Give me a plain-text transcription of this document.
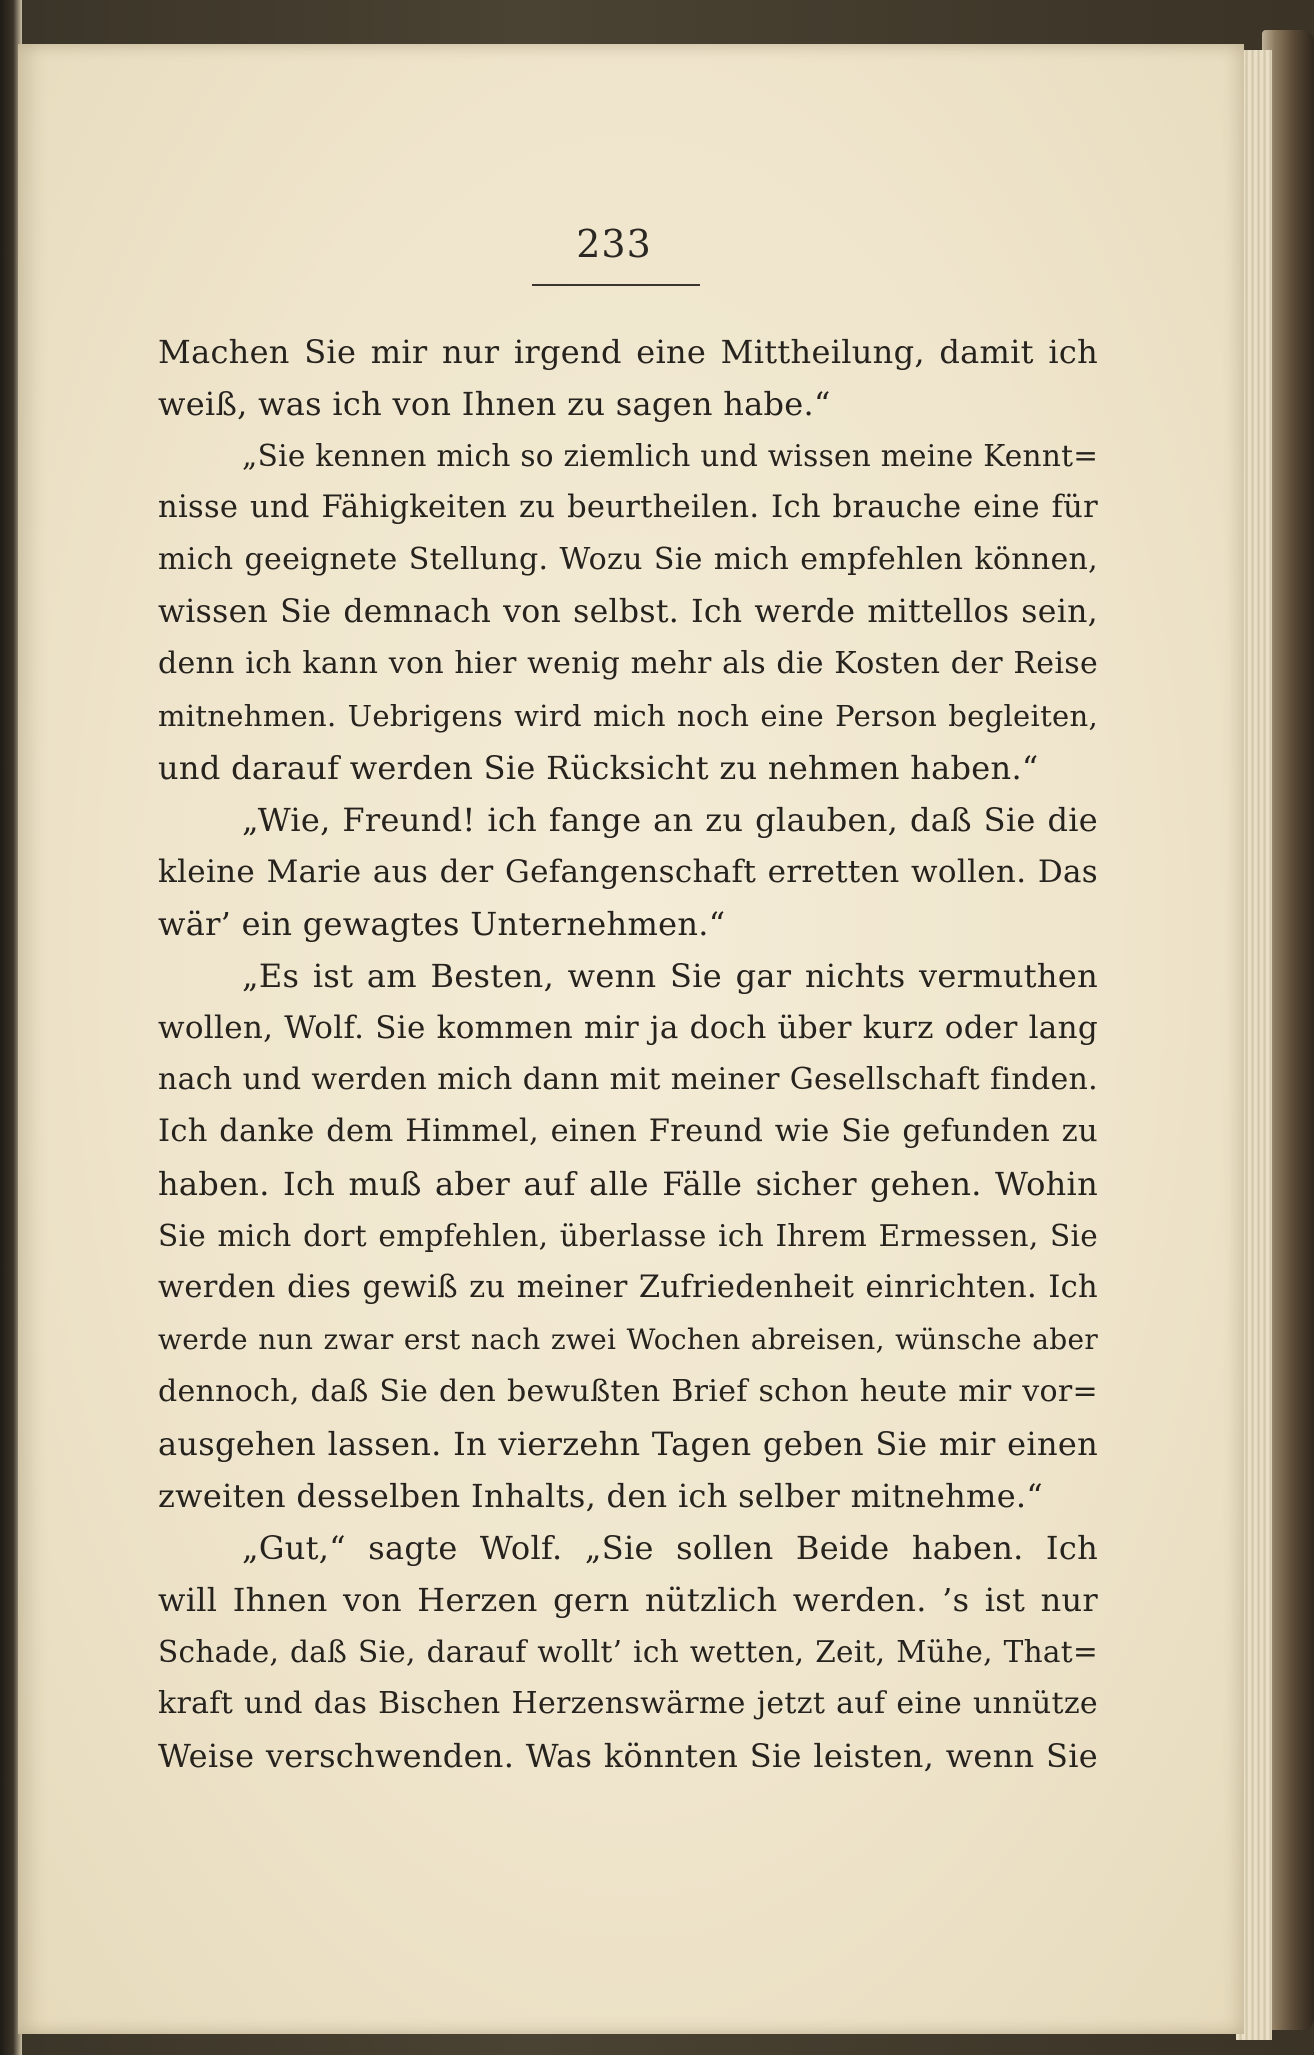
233
Machen Sie mir nur irgend eine Mittheilung, damit ich
weiß, was ich von Ihnen zu sagen habe.“
„Sie kennen mich so ziemlich und wissen meine Kennt=
nisse und Fähigkeiten zu beurtheilen. Ich brauche eine für
mich geeignete Stellung. Wozu Sie mich empfehlen können,
wissen Sie demnach von selbst. Ich werde mittellos sein,
denn ich kann von hier wenig mehr als die Kosten der Reise
mitnehmen. Uebrigens wird mich noch eine Person begleiten,
und darauf werden Sie Rücksicht zu nehmen haben.“
„Wie, Freund! ich fange an zu glauben, daß Sie die
kleine Marie aus der Gefangenschaft erretten wollen. Das
wär’ ein gewagtes Unternehmen.“
„Es ist am Besten, wenn Sie gar nichts vermuthen
wollen, Wolf. Sie kommen mir ja doch über kurz oder lang
nach und werden mich dann mit meiner Gesellschaft finden.
Ich danke dem Himmel, einen Freund wie Sie gefunden zu
haben. Ich muß aber auf alle Fälle sicher gehen. Wohin
Sie mich dort empfehlen, überlasse ich Ihrem Ermessen, Sie
werden dies gewiß zu meiner Zufriedenheit einrichten. Ich
werde nun zwar erst nach zwei Wochen abreisen, wünsche aber
dennoch, daß Sie den bewußten Brief schon heute mir vor=
ausgehen lassen. In vierzehn Tagen geben Sie mir einen
zweiten desselben Inhalts, den ich selber mitnehme.“
„Gut,“ sagte Wolf. „Sie sollen Beide haben. Ich
will Ihnen von Herzen gern nützlich werden. ’s ist nur
Schade, daß Sie, darauf wollt’ ich wetten, Zeit, Mühe, That=
kraft und das Bischen Herzenswärme jetzt auf eine unnütze
Weise verschwenden. Was könnten Sie leisten, wenn Sie
